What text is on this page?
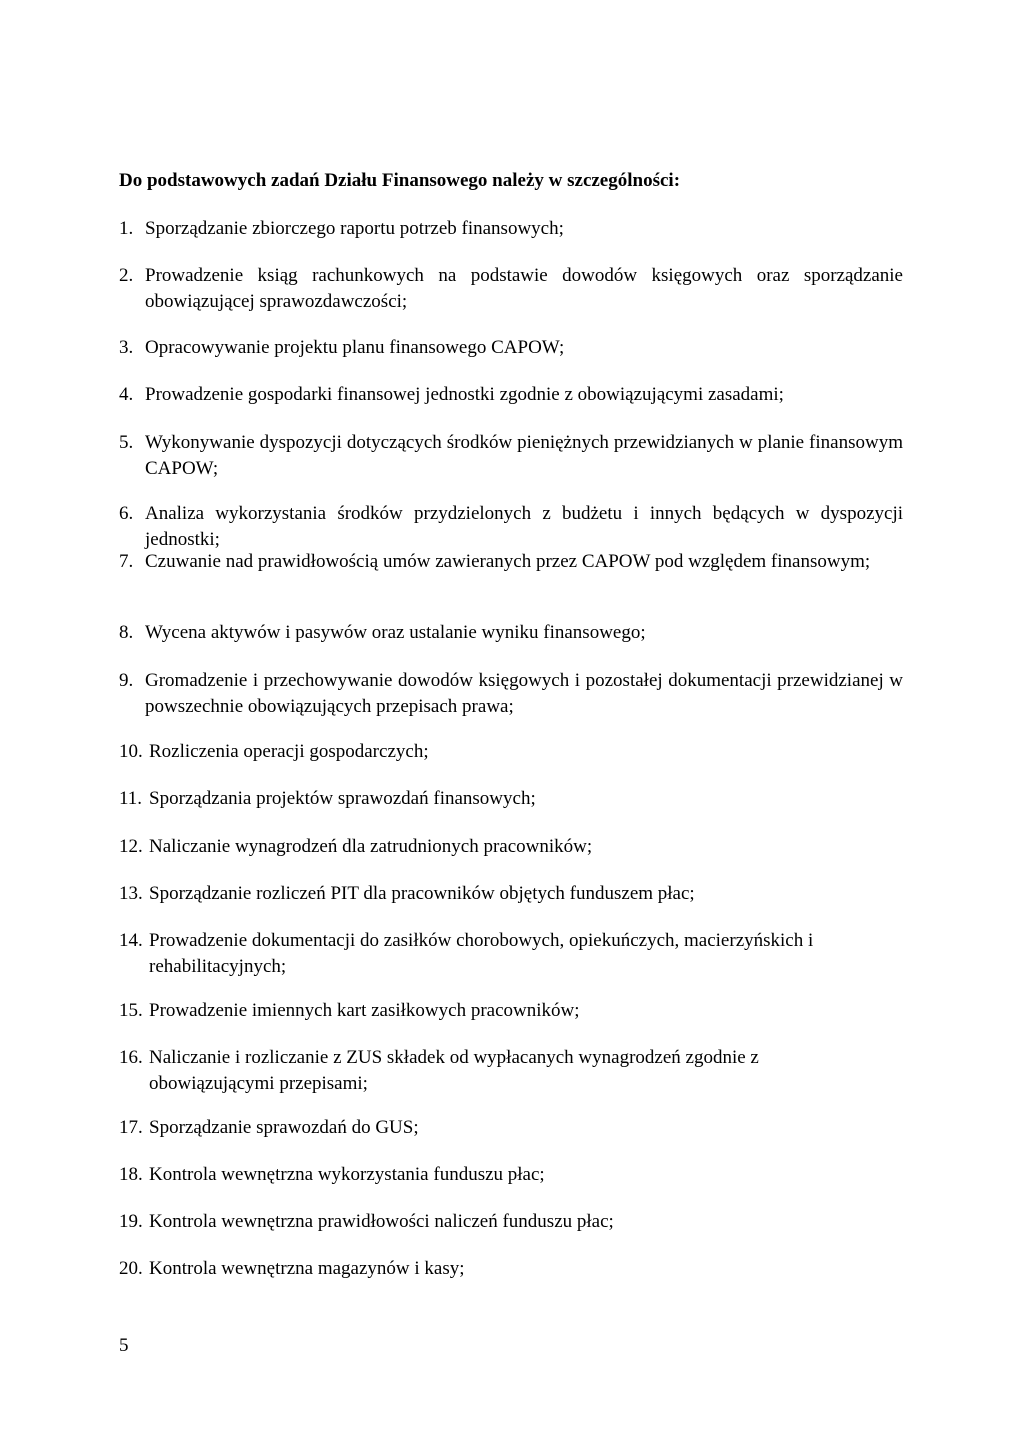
Do podstawowych zadań Działu Finansowego należy w szczególności:
1. Sporządzanie zbiorczego raportu potrzeb finansowych;
2. Prowadzenie ksiąg rachunkowych na podstawie dowodów księgowych oraz sporządzanie obowiązującej sprawozdawczości;
3. Opracowywanie projektu planu finansowego CAPOW;
4. Prowadzenie gospodarki finansowej jednostki zgodnie z obowiązującymi zasadami;
5. Wykonywanie dyspozycji dotyczących środków pieniężnych przewidzianych w planie finansowym CAPOW;
6. Analiza wykorzystania środków przydzielonych z budżetu i innych będących w dyspozycji jednostki;
7. Czuwanie nad prawidłowością umów zawieranych przez CAPOW pod względem finansowym;
8. Wycena aktywów i pasywów oraz ustalanie wyniku finansowego;
9. Gromadzenie i przechowywanie dowodów księgowych i pozostałej dokumentacji przewidzianej w powszechnie obowiązujących przepisach prawa;
10. Rozliczenia operacji gospodarczych;
11. Sporządzania projektów sprawozdań finansowych;
12. Naliczanie wynagrodzeń dla zatrudnionych pracowników;
13. Sporządzanie rozliczeń PIT dla pracowników objętych funduszem płac;
14. Prowadzenie dokumentacji do zasiłków chorobowych, opiekuńczych, macierzyńskich i rehabilitacyjnych;
15. Prowadzenie imiennych kart zasiłkowych pracowników;
16. Naliczanie i rozliczanie z ZUS składek od wypłacanych wynagrodzeń zgodnie z obowiązującymi przepisami;
17. Sporządzanie sprawozdań do GUS;
18. Kontrola wewnętrzna wykorzystania funduszu płac;
19. Kontrola wewnętrzna prawidłowości naliczeń funduszu płac;
20. Kontrola wewnętrzna magazynów i kasy;
5
